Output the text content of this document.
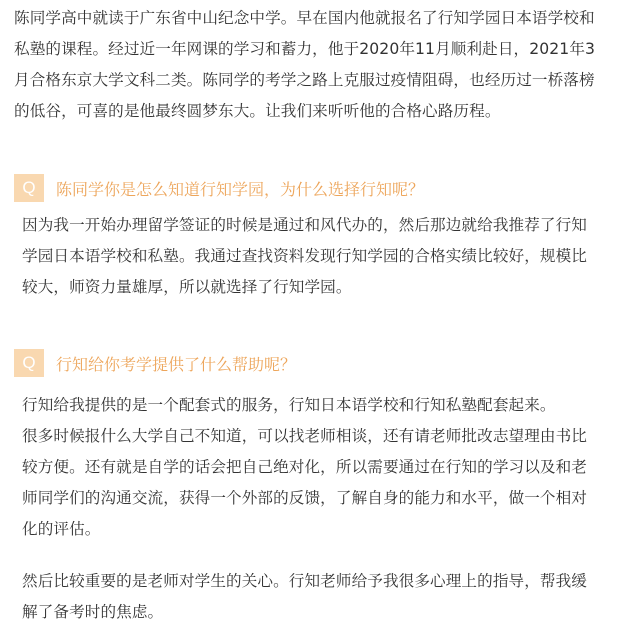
陈同学高中就读于广东省中山纪念中学。早在国内他就报名了行知学园日本语学校和
私塾的课程。经过近一年网课的学习和蓄力，他于2020年11月顺利赴日，2021年3
月合格东京大学文科二类。陈同学的考学之路上克服过疫情阻碍，也经历过一桥落榜
的低谷，可喜的是他最终圆梦东大。让我们来听听他的合格心路历程。
Q	陈同学你是怎么知道行知学园，为什么选择行知呢？
因为我一开始办理留学签证的时候是通过和风代办的，然后那边就给我推荐了行知
学园日本语学校和私塾。我通过查找资料发现行知学园的合格实绩比较好，规模比
较大，师资力量雄厚，所以就选择了行知学园。
Q	行知给你考学提供了什么帮助呢？
行知给我提供的是一个配套式的服务，行知日本语学校和行知私塾配套起来。
很多时候报什么大学自己不知道，可以找老师相谈，还有请老师批改志望理由书比
较方便。还有就是自学的话会把自己绝对化，所以需要通过在行知的学习以及和老
师同学们的沟通交流，获得一个外部的反馈，了解自身的能力和水平，做一个相对
化的评估。
然后比较重要的是老师对学生的关心。行知老师给予我很多心理上的指导，帮我缓
解了备考时的焦虑。
